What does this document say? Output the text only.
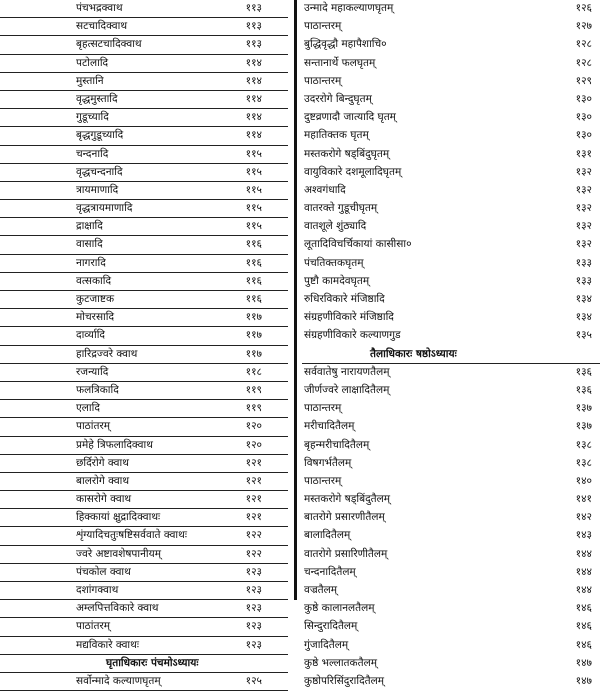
पंचभद्रक्वाथ	११३
सटचादिक्वाथ	११३
बृहत्सटचादिक्वाथ	११३
पटोलादि	११४
मुस्तानि	११४
वृद्धमुस्तादि	११४
गुडूच्यादि	११४
बृद्धगुडूच्यादि	११४
चन्दनादि	११५
वृद्धचन्दनादि	११५
त्रायमाणादि	११५
वृद्धत्रायमाणादि	११५
द्राक्षादि	११५
वासादि	११६
नागरादि	११६
वत्सकादि	११६
कुटजाष्टक	११६
मोचरसादि	११७
दार्व्यादि	११७
हारिद्रज्वरे क्वाथ	११७
रजन्यादि	११८
फलत्रिकादि	११९
एलादि	११९
पाठांतरम्	१२०
प्रमेहे त्रिफलादिक्वाथ	१२०
छर्दिरोगे क्वाथ	१२१
बालरोगे क्वाथ	१२१
कासरोगे क्वाथ	१२१
हिक्कायां क्षुद्रादिक्वाथः	१२१
शृंग्यादिचतुःषष्टिसर्ववाते क्वाथः	१२२
ज्वरे अष्टावशेषपानीयम्	१२२
पंचकोल क्वाथ	१२३
दशांगक्वाथ	१२३
अम्लपित्तविकारे क्वाथ	१२३
पाठांतरम्	१२३
मद्यविकारे क्वाथः	१२३
घृताधिकारः पंचमोऽध्यायः
सर्वोन्मादे कल्याणघृतम्	१२५
उन्मादे महाकल्याणघृतम्	१२६
पाठान्तरम्	१२७
बुद्धिवृद्धौ महापैशाचि०	१२८
सन्तानार्थे फलघृतम्	१२८
पाठान्तरम्	१२९
उदररोगे बिन्दुघृतम्	१३०
दुष्टव्रणादौ जात्यादि घृतम्	१३०
महातिक्तक घृतम्	१३०
मस्तकरोगे षड्बिंदुघृतम्	१३१
वायुविकारे दशमूलादिघृतम्	१३२
अश्वगंधादि	१३२
वातरक्ते गुडूचीघृतम्	१३२
वातशूले शुंठ्यादि	१३२
लूतादिविचर्चिकायां कासीसा०	१३२
पंचतिक्तकघृतम्	१३३
पुष्टौ कामदेवघृतम्	१३३
रुधिरविकारे मंजिष्ठादि	१३४
संग्रहणीविकारे मंजिष्ठादि	१३४
संग्रहणीविकारे कल्याणगुड	१३५
तैलाधिकारः षष्ठोऽध्यायः
सर्ववातेषु नारायणतैलम्	१३६
जीर्णज्वरे लाक्षादितैलम्	१३६
पाठान्तरम्	१३७
मरीचादितैलम्	१३७
बृहन्मरीचादितैलम्	१३८
विषगर्भतैलम्	१३८
पाठान्तरम्	१४०
मस्तकरोगे षड्बिंदुतैलम्	१४१
बातरोगे प्रसारणीतैलम्	१४२
बालादितैलम्	१४३
वातरोगे प्रसारिणीतैलम्	१४४
चन्दनादितैलम्	१४४
वज्रतैलम्	१४४
कुष्ठे कालानलतैलम्	१४६
सिन्दुरादितैलम्	१४६
गुंजादितैलम्	१४६
कुष्ठे भल्लातकतैलम्	१४७
कुष्ठोपरिसिंदुरादितैलम्	१४७
